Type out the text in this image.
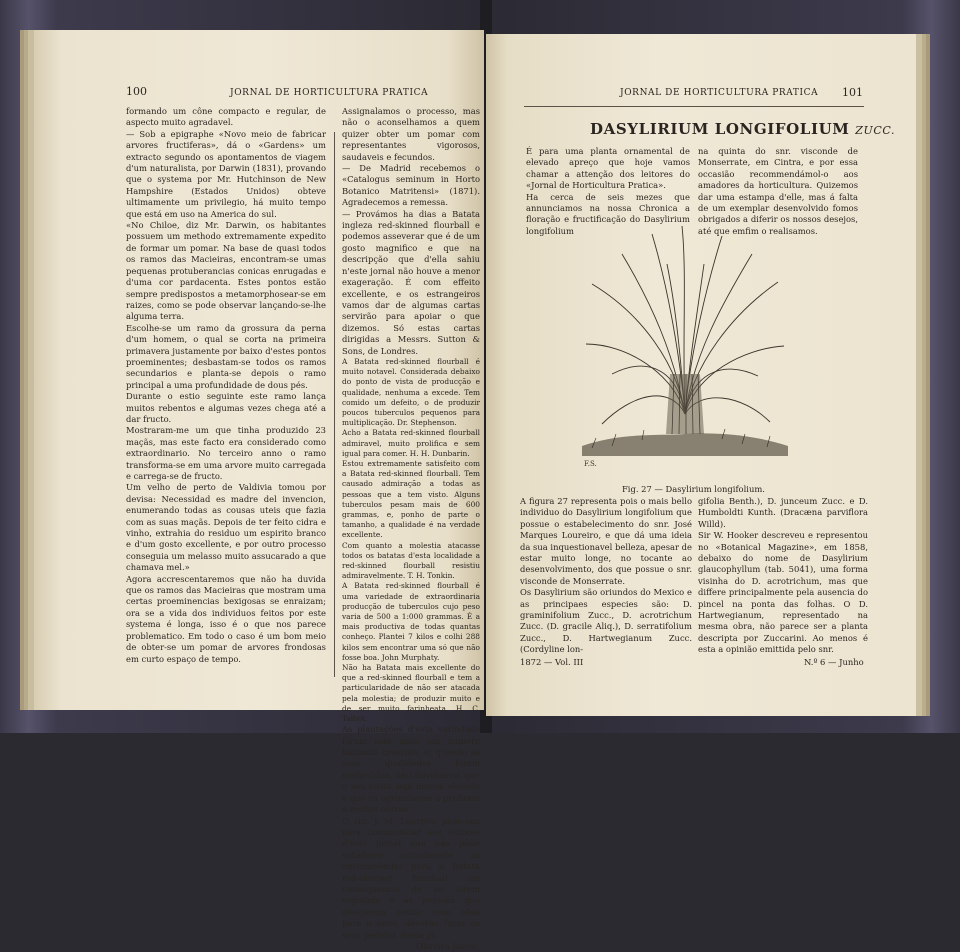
100	JORNAL DE HORTICULTURA PRATICA

formando um cône compacto e regular, de aspecto muito agradavel.

— Sob a epigraphe «Novo meio de fabricar arvores fructiferas», dá o «Gardens» um extracto segundo os apontamentos de viagem d'um naturalista, por Darwin (1831), provando que o systema por Mr. Hutchinson de New Hampshire (Estados Unidos) obteve ultimamente um privilegio, há muito tempo que está em uso na America do sul.

«No Chiloe, diz Mr. Darwin, os habitantes possuem um methodo extremamente expedito de formar um pomar. Na base de quasi todos os ramos das Macieiras, encontram-se umas pequenas protuberancias conicas enrugadas e d'uma cor pardacenta. Estes pontos estão sempre predispostos a metamorphosear-se em raizes, como se pode observar lançando-se-lhe alguma terra.

Escolhe-se um ramo da grossura da perna d'um homem, o qual se corta na primeira primavera justamente por baixo d'estes pontos proeminentes; desbastam-se todos os ramos secundarios e planta-se depois o ramo principal a uma profundidade de dous pés.

Durante o estio seguinte este ramo lança muitos rebentos e algumas vezes chega até a dar fructo.

Mostraram-me um que tinha produzido 23 maçãs, mas este facto era considerado como extraordinario. No terceiro anno o ramo transforma-se em uma arvore muito carregada e carrega-se de fructo.

Um velho de perto de Valdivia tomou por devisa: Necessidad es madre del invencion, enumerando todas as cousas uteis que fazia com as suas maçãs. Depois de ter feito cidra e vinho, extrahia do residuo um espirito branco e d'um gosto excellente, e por outro processo conseguia um melasso muito assucarado a que chamava mel.»

Agora accrescentaremos que não ha duvida que os ramos das Macieiras que mostram uma certas proeminencias bexigosas se enraizam; ora se a vida dos individuos feitos por este systema é longa, isso é o que nos parece problematico. Em todo o caso é um bom meio de obter-se um pomar de arvores frondosas em curto espaço de tempo.

Assignalamos o processo, mas não o aconselhamos a quem quizer obter um pomar com representantes vigorosos, saudaveis e fecundos.

— De Madrid recebemos o «Catalogus seminum in Horto Botanico Matritensi» (1871). Agradecemos a remessa.

— Provámos ha dias a Batata ingleza red-skinned flourball e podemos asseverar que é de um gosto magnifico e que na descripção que d'ella sahiu n'este jornal não houve a menor exageração. É com effeito excellente, e os estrangeiros vamos dar de algumas cartas servirão para apoiar o que dizemos. Só estas cartas dirigidas a Messrs. Sutton & Sons, de Londres.

A Batata red-skinned flourball é muito notavel. Considerada debaixo do ponto de vista de producção e qualidade, nenhuma a excede. Tem comido um defeito, o de produzir poucos tuberculos pequenos para multiplicação. Dr. Stephenson.

Acho a Batata red-skinned flourball admiravel, muito prolifica e sem igual para comer. H. H. Dunbarin.

Estou extremamente satisfeito com a Batata red-skinned flourball. Tem causado admiração a todas as pessoas que a tem visto. Alguns tuberculos pesam mais de 600 grammas, e, ponho de parte o tamanho, a qualidade é na verdade excellente.

Com quanto a molestia atacasse todos os batatas d'esta localidade a red-skinned flourball resistiu admiravelmente. T. H. Tonkin.

A Batata red-skinned flourball é uma variedade de extraordinaria producção de tuberculos cujo peso varia de 500 a 1:000 grammas. É a mais productiva de todas quantas conheço. Plantei 7 kilos e colhi 288 kilos sem encontrar uma só que não fosse boa. John Murphaty.

Não ha Batata mais excellente do que a red-skinned flourball e tem a particularidade de não ser atacada pela molestia; de produzir muito e de ser muito farinheata. H. C. Talbot.

As plantações d'esta variedade foram este anno em numero bastante crescido, e, quando as suas qualidades forem conhecidas, não duvidamos que o seu custo seja menos elevado e que os agricultores a prefiram a muitas outras.

O snr. J. M. Loureiro pede-nos para communicar aos leitores d'este jornal que não pôde satisfazer actualmente as encommendas para a Batata red-skinned flourball em consequencia de se terem esgotado e as pessoas que desejarem contar com ellas para o anno, deverão fazer os seus pedidos desde já.

Oliveira Junior.

JORNAL DE HORTICULTURA PRATICA 101
DASYLIRIUM LONGIFOLIUM ZUCC.

É para uma planta ornamental de elevado apreço que hoje vamos chamar a attenção dos leitores do «Jornal de Horticultura Pratica».

Ha cerca de seis mezes que annunciamos na nossa Chronica a floração e fructificação do Dasylirium longifolium

na quinta do snr. visconde de Monserrate, em Cintra, e por essa occasião recommendámol-o aos amadores da horticultura. Quizemos dar uma estampa d'elle, mas á falta de um exemplar desenvolvido fomos obrigados a diferir os nossos desejos, até que emfim o realisamos.

F.S.
Fig. 27 — Dasylirium longifolium.

A figura 27 representa pois o mais bello individuo do Dasylirium longifolium que possue o estabelecimento do snr. José Marques Loureiro, e que dá uma ideia da sua inquestionavel belleza, apesar de estar muito longe, no tocante ao desenvolvimento, dos que possue o snr. visconde de Monserrate.

Os Dasylirium são oriundos do Mexico e as principaes especies são: D. graminifolium Zucc., D. acrotrichum Zucc. (D. gracile Aliq.), D. serratifolium Zucc., D. Hartwegianum Zucc. (Cordyline lon-

gifolia Benth.), D. junceum Zucc. e D. Humboldti Kunth. (Dracæna parviflora Willd).

Sir W. Hooker descreveu e representou no «Botanical Magazine», em 1858, debaixo do nome de Dasylirium glaucophyllum (tab. 5041), uma forma visinha do D. acrotrichum, mas que differe principalmente pela ausencia do pincel na ponta das folhas. O D. Hartwegianum, representado na mesma obra, não parece ser a planta descripta por Zuccarini. Ao menos é esta a opinião emittida pelo snr.

1872 — Vol. III	N.º 6 — Junho
